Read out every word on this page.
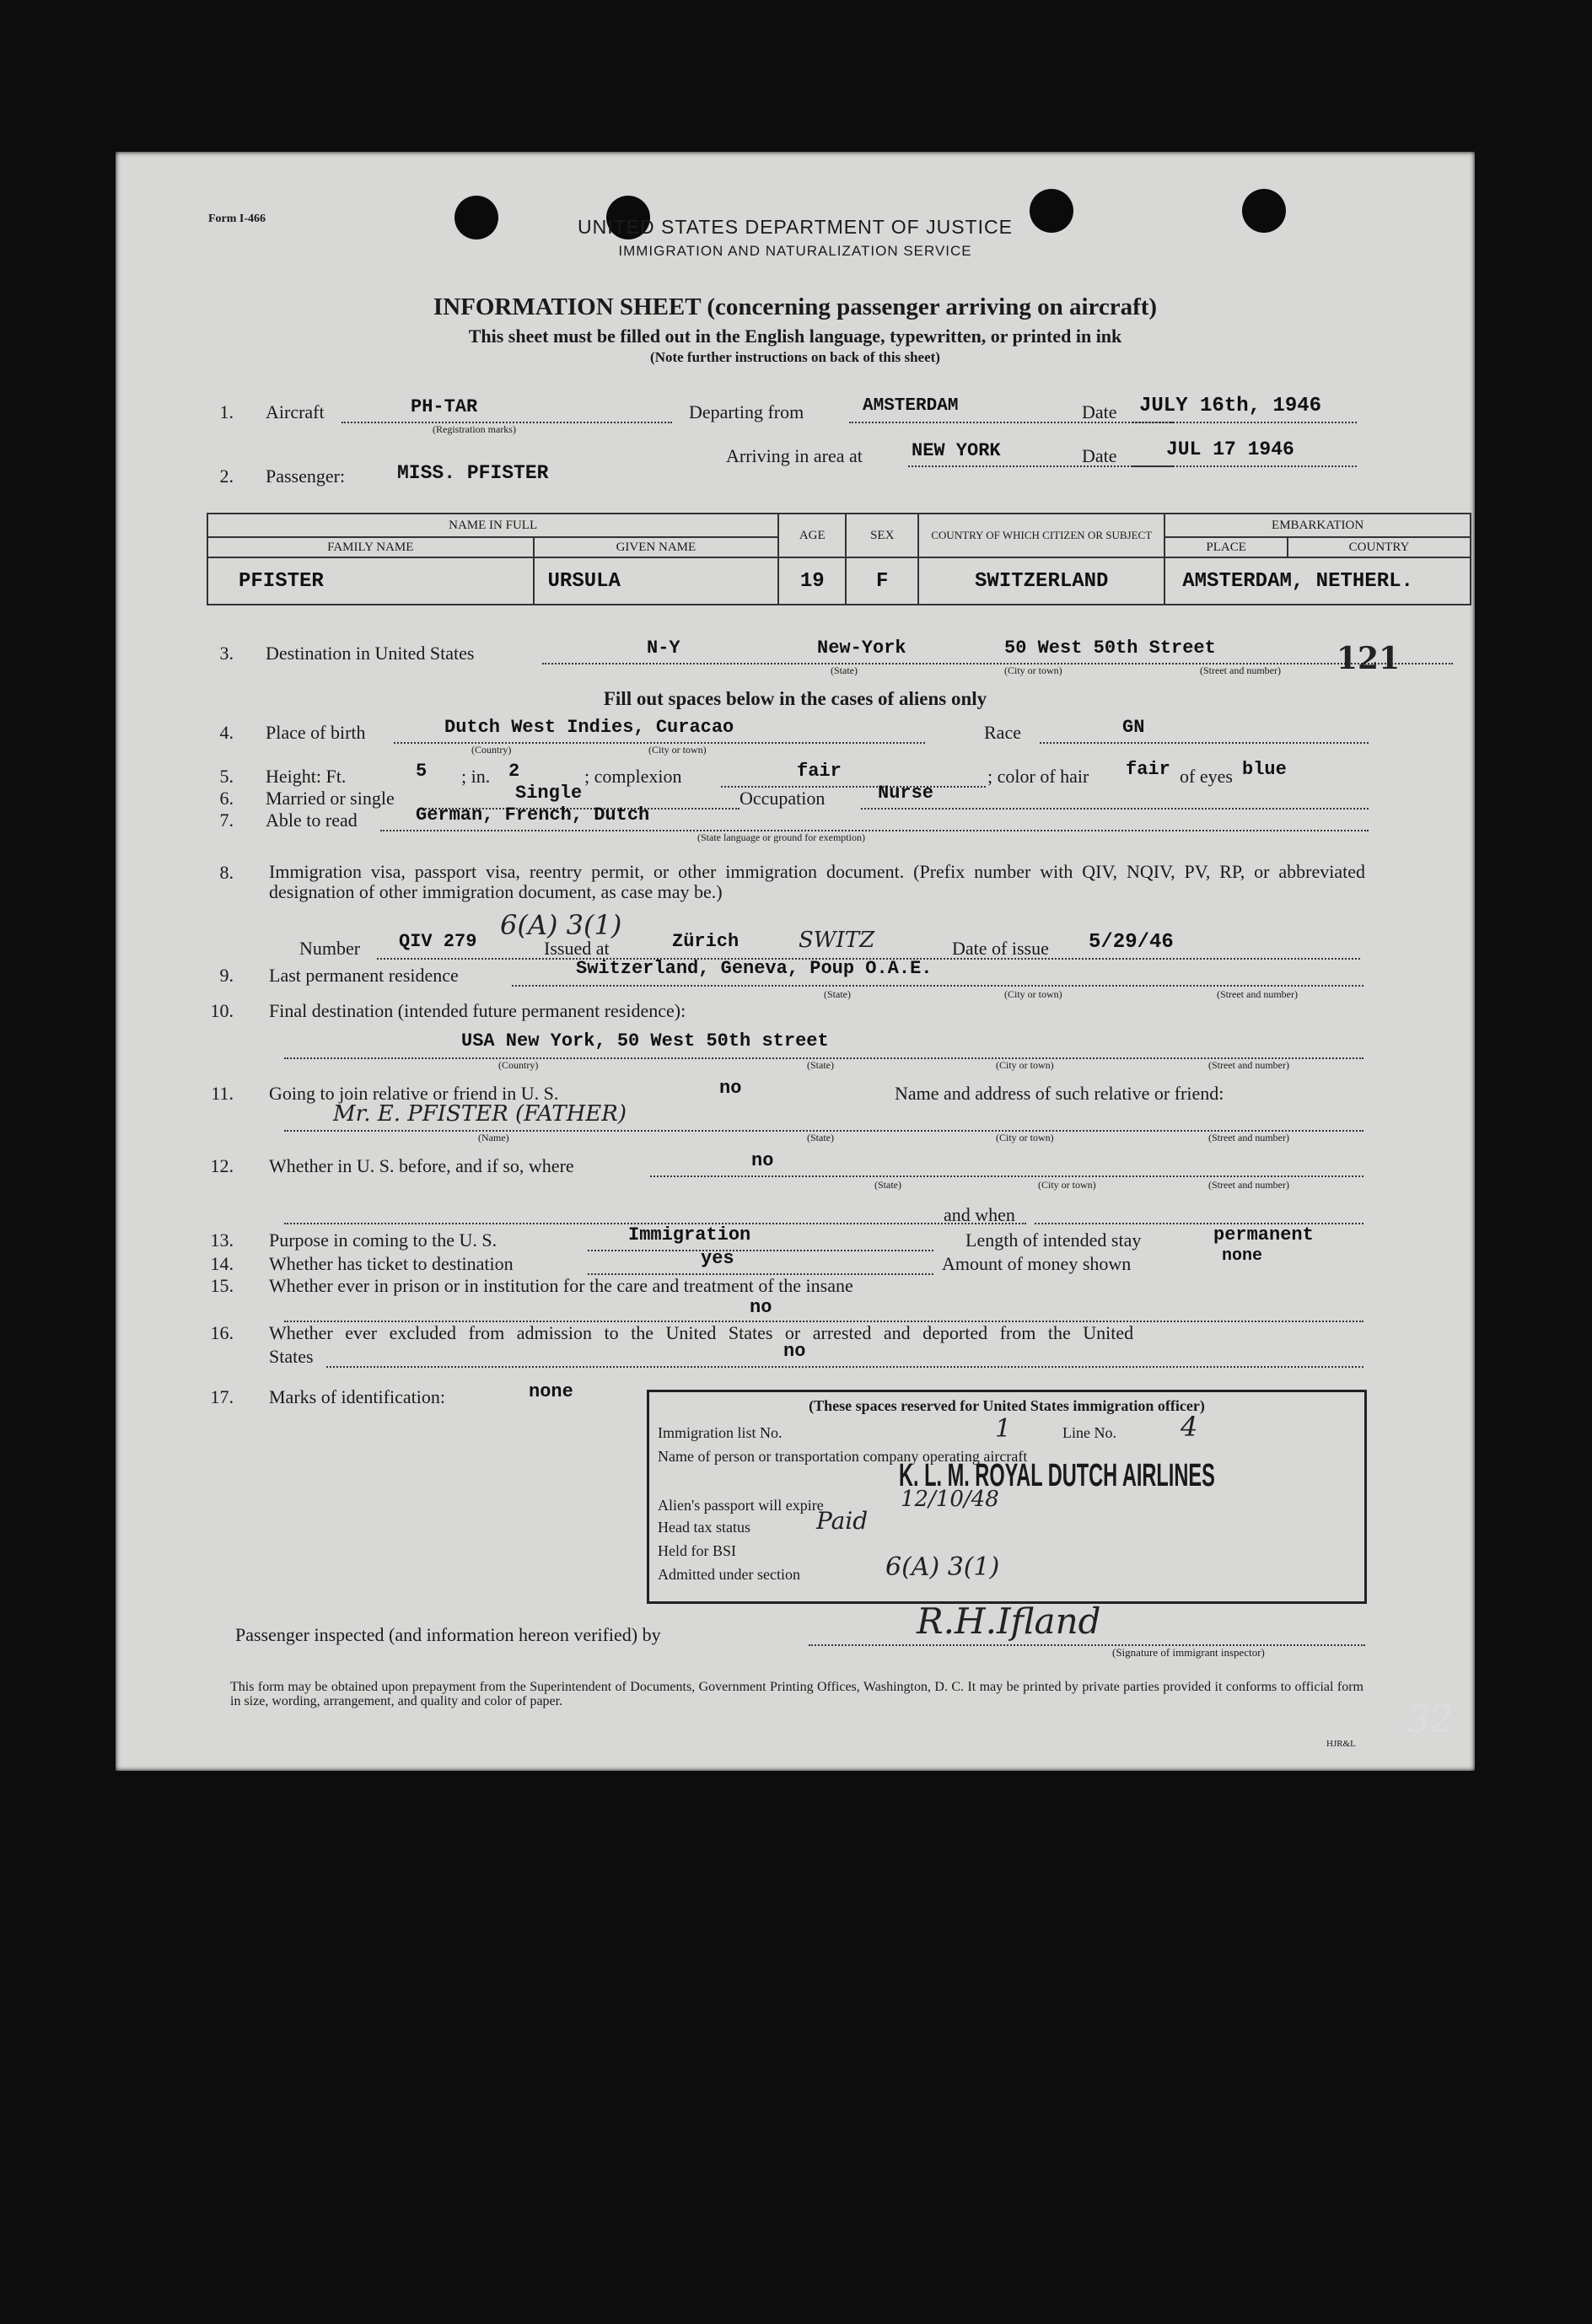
Form I-466	UNITED STATES DEPARTMENT OF JUSTICE
IMMIGRATION AND NATURALIZATION SERVICE
INFORMATION SHEET (concerning passenger arriving on aircraft)
This sheet must be filled out in the English language, typewritten, or printed in ink
(Note further instructions on back of this sheet)
1. Aircraft	PH-TAR
(Registration marks)
Departing from	AMSTERDAM	Date JULY 16th, 1946
Arriving in area at	NEW YORK	Date	JUL 17 1946
2. Passenger:	MISS. PFISTER
NAME IN FULL		AGE	SEX	COUNTRY OF WHICH CITIZEN OR SUBJECT	EMBARKATION	
FAMILY NAME	GIVEN NAME				PLACE	COUNTRY
PFISTER	URSULA	19	F	SWITZERLAND	AMSTERDAM, NETHERL.	
3. Destination in United States	N-Y	New-York	50 West 50th Street
(State)	(City or town)	(Street and number) 121
Fill out spaces below in the cases of aliens only
4. Place of birth	Dutch West Indies, Curacao
(Country)	(City or town)
Race	GN
5. Height: Ft.	5 ; in. 2	; complexion	fair	; color of hair fair of eyes blue
6. Married or single	Single	Occupation	Nurse
7. Able to read	German, French, Dutch
(State language or ground for exemption)
8. Immigration visa, passport visa, reentry permit, or other immigration document. (Prefix number with QIV, NQIV, PV, RP, or abbreviated designation of other immigration document, as case may be.)
6(A) 3(1)
Number QIV 279	Issued at	Zürich	SWITZ	Date of issue 5/29/46
9. Last permanent residence	Switzerland, Geneva, Poup O.A.E.
(State)	(City or town)	(Street and number)
10. Final destination (intended future permanent residence):
USA New York, 50 West 50th street
(Country)	(State)	(City or town)	(Street and number)
11. Going to join relative or friend in U. S.	no	Name and address of such relative or friend:
Mr. E. PFISTER (FATHER)
(Name)	(State)	(City or town)	(Street and number)
12. Whether in U. S. before, and if so, where	no
(State)	(City or town)	(Street and number)
and when
13. Purpose in coming to the U. S.	Immigration	Length of intended stay	permanent
14. Whether has ticket to destination	yes	Amount of money shown	none
15. Whether ever in prison or in institution for the care and treatment of the insane
no
16. Whether ever excluded from admission to the United States or arrested and deported from the United
States	no
17. Marks of identification:	none
(These spaces reserved for United States immigration officer)
Immigration list No.	1	Line No. 4
Name of person or transportation company operating aircraft
K. L. M. ROYAL DUTCH AIRLINES
Alien's passport will expire	12/10/48
Head tax status	Paid
Held for BSI
Admitted under section	6(A) 3(1)
Passenger inspected (and information hereon verified) by	R.H.Ifland
(Signature of immigrant inspector)
This form may be obtained upon prepayment from the Superintendent of Documents, Government Printing Offices, Washington, D. C. It may be printed by private parties provided it conforms to official form in size, wording, arrangement, and quality and color of paper.
HJR&L
32
